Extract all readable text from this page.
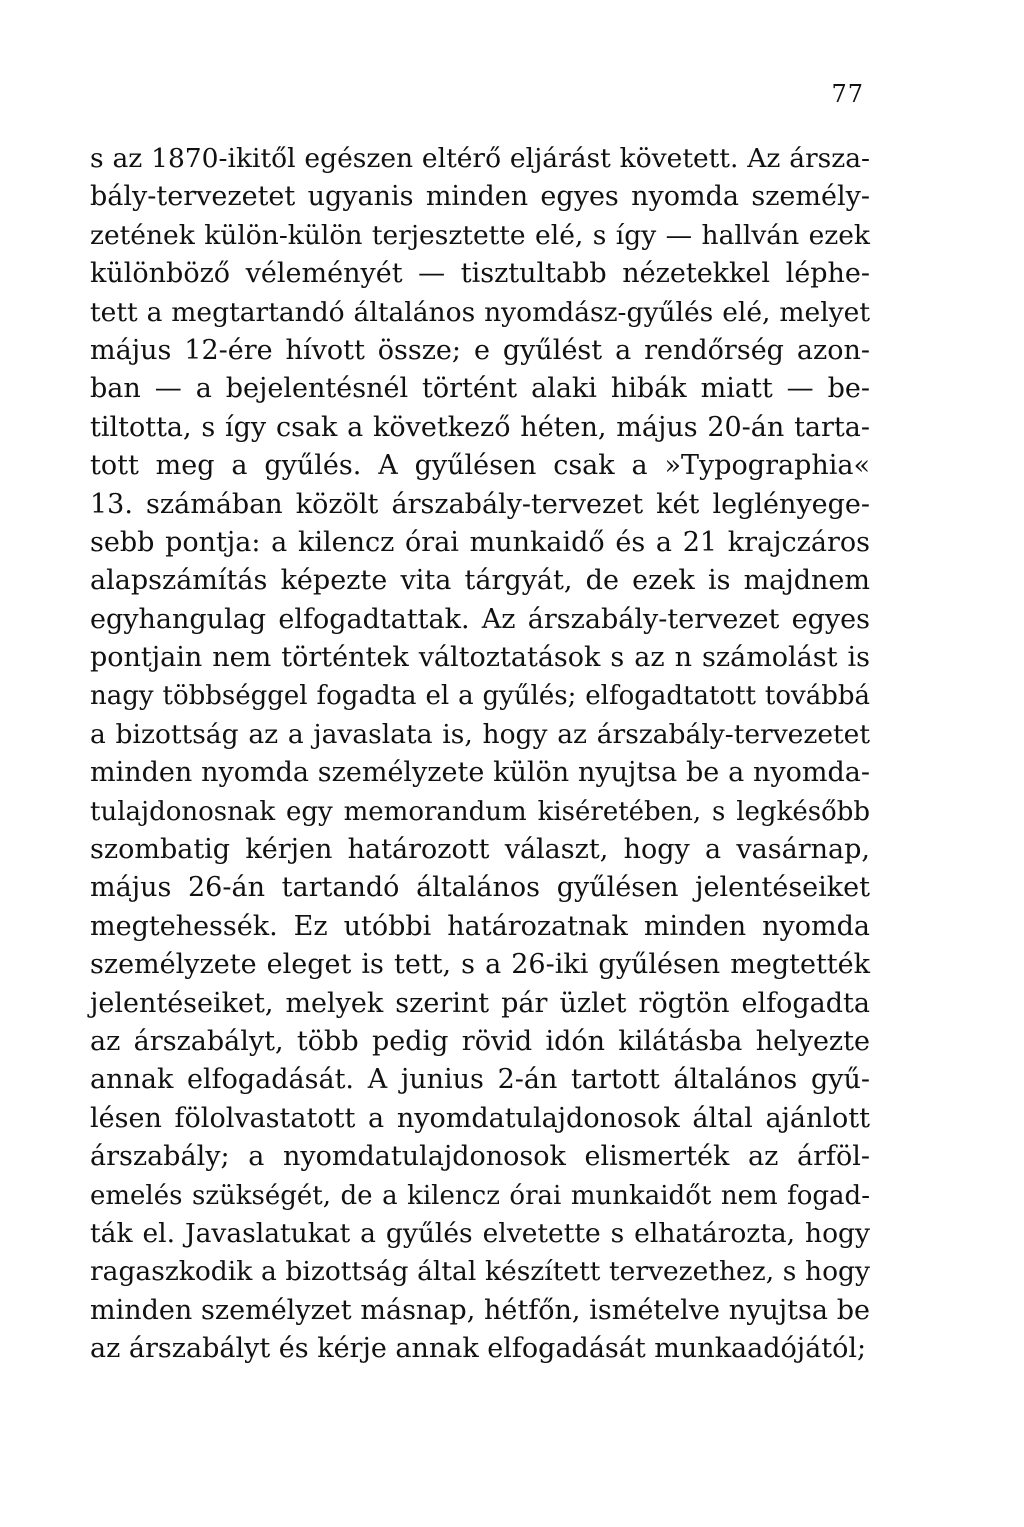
77
s az 1870-ikitől egészen eltérő eljárást követett. Az ársza-
bály-tervezetet ugyanis minden egyes nyomda személy-
zetének külön-külön terjesztette elé, s így — hallván ezek
különböző véleményét — tisztultabb nézetekkel léphe-
tett a megtartandó általános nyomdász-gyűlés elé, melyet
május 12-ére hívott össze; e gyűlést a rendőrség azon-
ban — a bejelentésnél történt alaki hibák miatt — be-
tiltotta, s így csak a következő héten, május 20-án tarta-
tott meg a gyűlés. A gyűlésen csak a »Typographia«
13. számában közölt árszabály-tervezet két leglényege-
sebb pontja: a kilencz órai munkaidő és a 21 krajczáros
alapszámítás képezte vita tárgyát, de ezek is majdnem
egyhangulag elfogadtattak. Az árszabály-tervezet egyes
pontjain nem történtek változtatások s az n számolást is
nagy többséggel fogadta el a gyűlés; elfogadtatott továbbá
a bizottság az a javaslata is, hogy az árszabály-tervezetet
minden nyomda személyzete külön nyujtsa be a nyomda-
tulajdonosnak egy memorandum kiséretében, s legkésőbb
szombatig kérjen határozott választ, hogy a vasárnap,
május 26-án tartandó általános gyűlésen jelentéseiket
megtehessék. Ez utóbbi határozatnak minden nyomda
személyzete eleget is tett, s a 26-iki gyűlésen megtették
jelentéseiket, melyek szerint pár üzlet rögtön elfogadta
az árszabályt, több pedig rövid idón kilátásba helyezte
annak elfogadását. A junius 2-án tartott általános gyű-
lésen fölolvastatott a nyomdatulajdonosok által ajánlott
árszabály; a nyomdatulajdonosok elismerték az árföl-
emelés szükségét, de a kilencz órai munkaidőt nem fogad-
ták el. Javaslatukat a gyűlés elvetette s elhatározta, hogy
ragaszkodik a bizottság által készített tervezethez, s hogy
minden személyzet másnap, hétfőn, ismételve nyujtsa be
az árszabályt és kérje annak elfogadását munkaadójától;
